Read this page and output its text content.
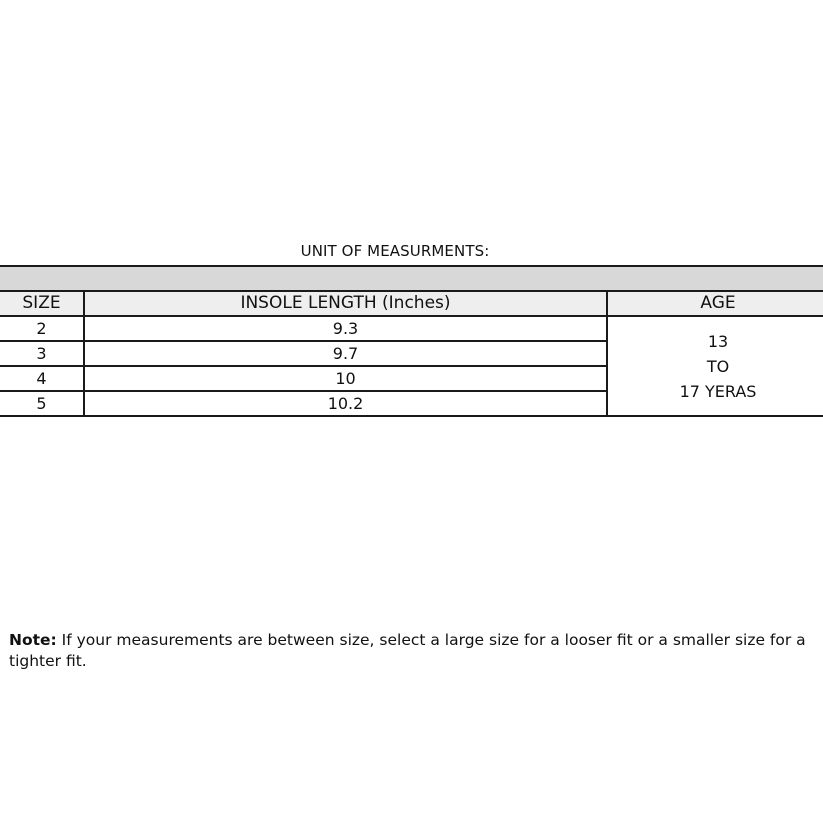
UNIT OF MEASURMENTS:

SIZE	INSOLE LENGTH (Inches)	AGE
2	9.3	13
TO
17 YERAS

3	9.7	
4	10	
5	10.2	
Note: If your measurements are between size, select a large size for a looser fit or a smaller size for a tighter fit.
